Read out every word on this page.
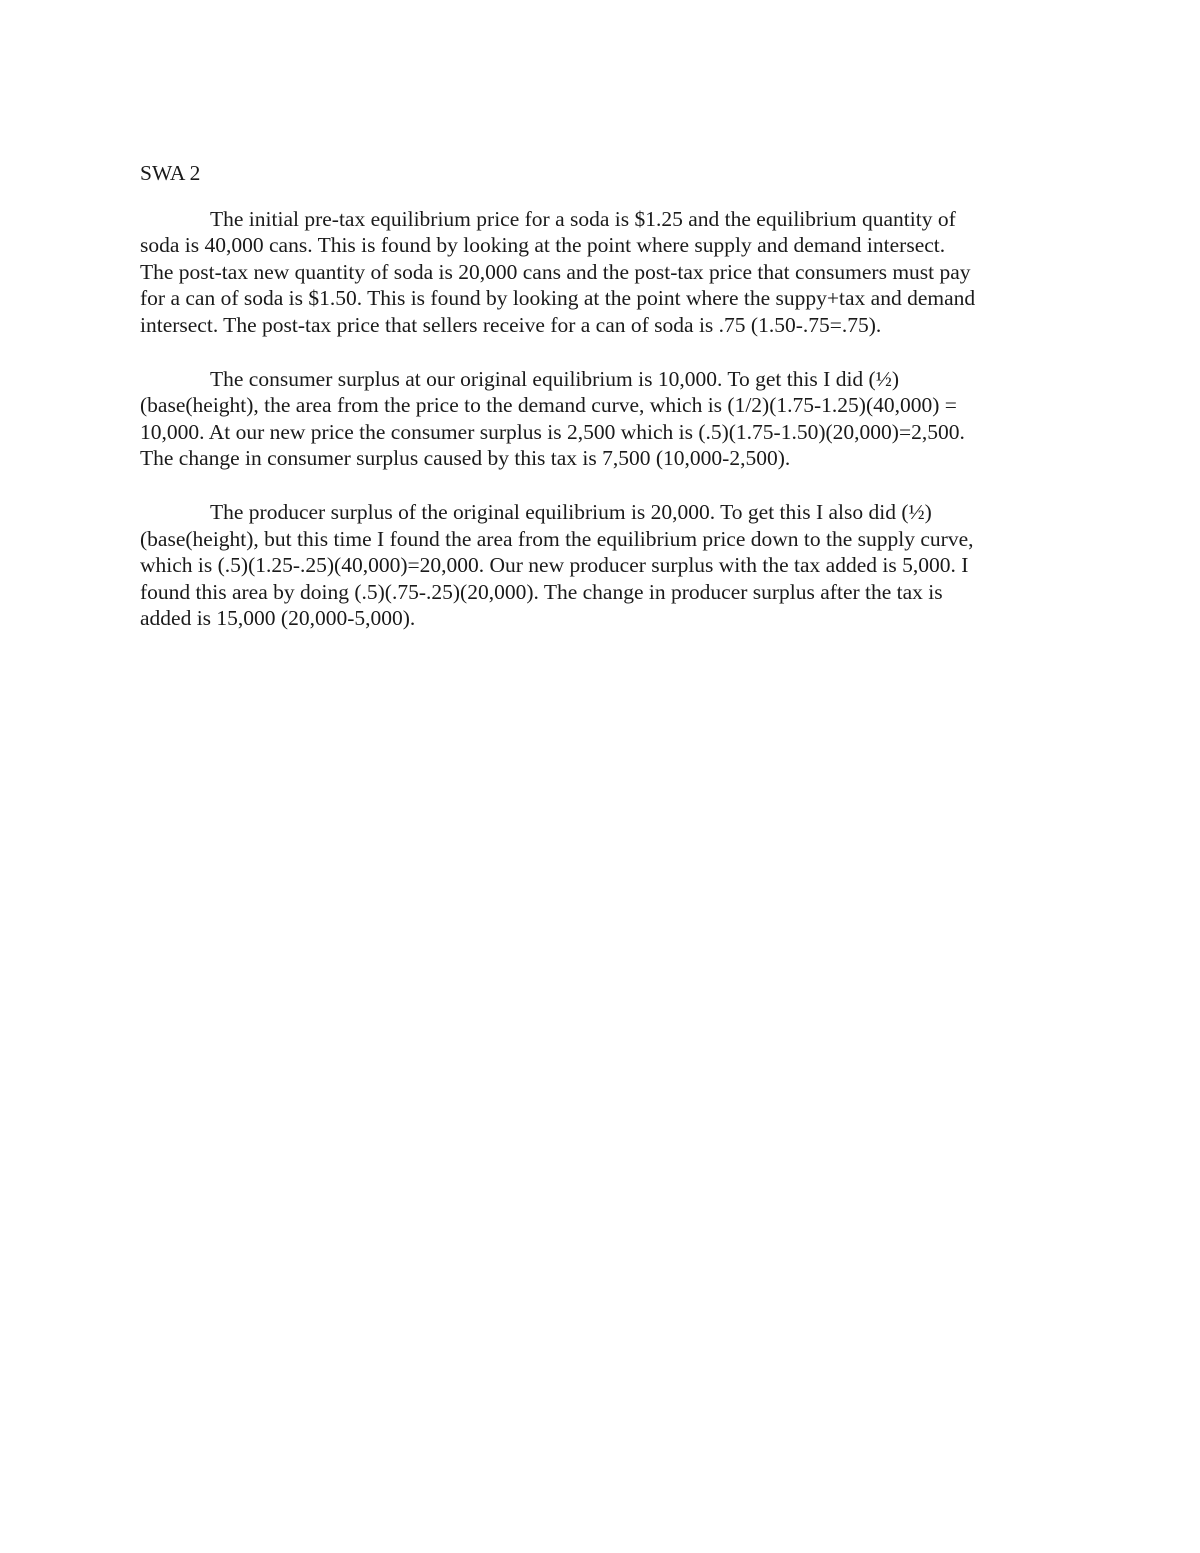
SWA 2
The initial pre-tax equilibrium price for a soda is $1.25 and the equilibrium quantity of
soda is 40,000 cans. This is found by looking at the point where supply and demand intersect.
The post-tax new quantity of soda is 20,000 cans and the post-tax price that consumers must pay
for a can of soda is $1.50. This is found by looking at the point where the suppy+tax and demand
intersect. The post-tax price that sellers receive for a can of soda is .75 (1.50-.75=.75).
The consumer surplus at our original equilibrium is 10,000. To get this I did (½)
(base(height), the area from the price to the demand curve, which is (1/2)(1.75-1.25)(40,000) =
10,000. At our new price the consumer surplus is 2,500 which is (.5)(1.75-1.50)(20,000)=2,500.
The change in consumer surplus caused by this tax is 7,500 (10,000-2,500).
The producer surplus of the original equilibrium is 20,000. To get this I also did (½)
(base(height), but this time I found the area from the equilibrium price down to the supply curve,
which is (.5)(1.25-.25)(40,000)=20,000. Our new producer surplus with the tax added is 5,000. I
found this area by doing (.5)(.75-.25)(20,000). The change in producer surplus after the tax is
added is 15,000 (20,000-5,000).
